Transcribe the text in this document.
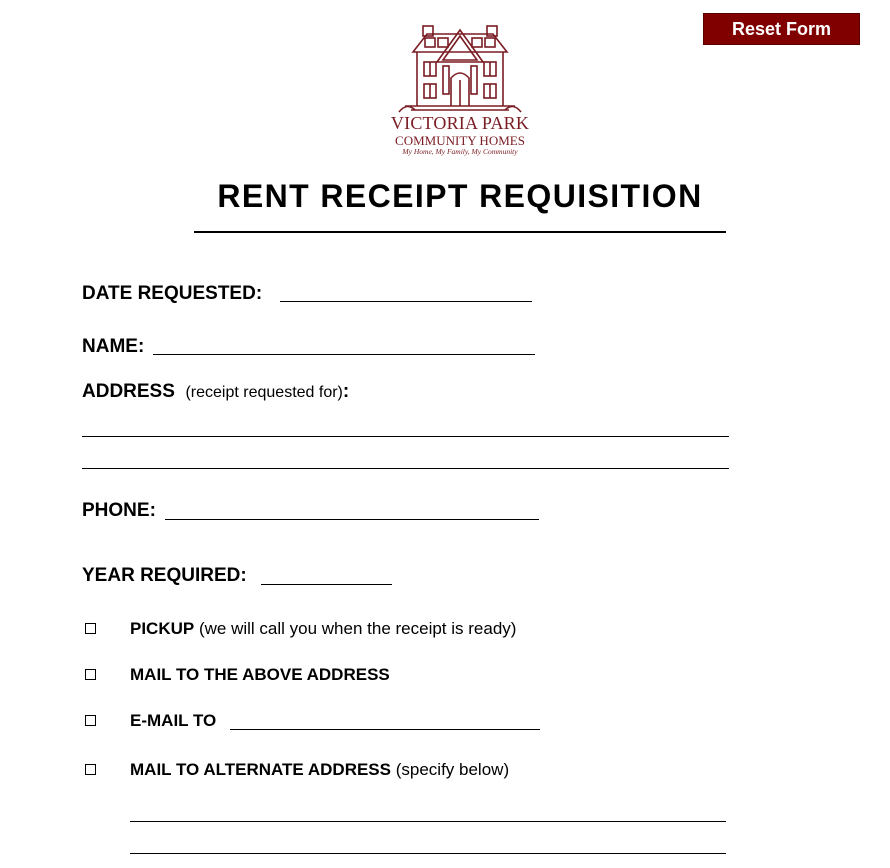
Reset Form
VICTORIA PARK
COMMUNITY HOMES
My Home, My Family, My Community
RENT RECEIPT REQUISITION
DATE REQUESTED:
NAME:
ADDRESS (receipt requested for):
PHONE:
YEAR REQUIRED:
PICKUP (we will call you when the receipt is ready)
MAIL TO THE ABOVE ADDRESS
E-MAIL TO
MAIL TO ALTERNATE ADDRESS (specify below)
